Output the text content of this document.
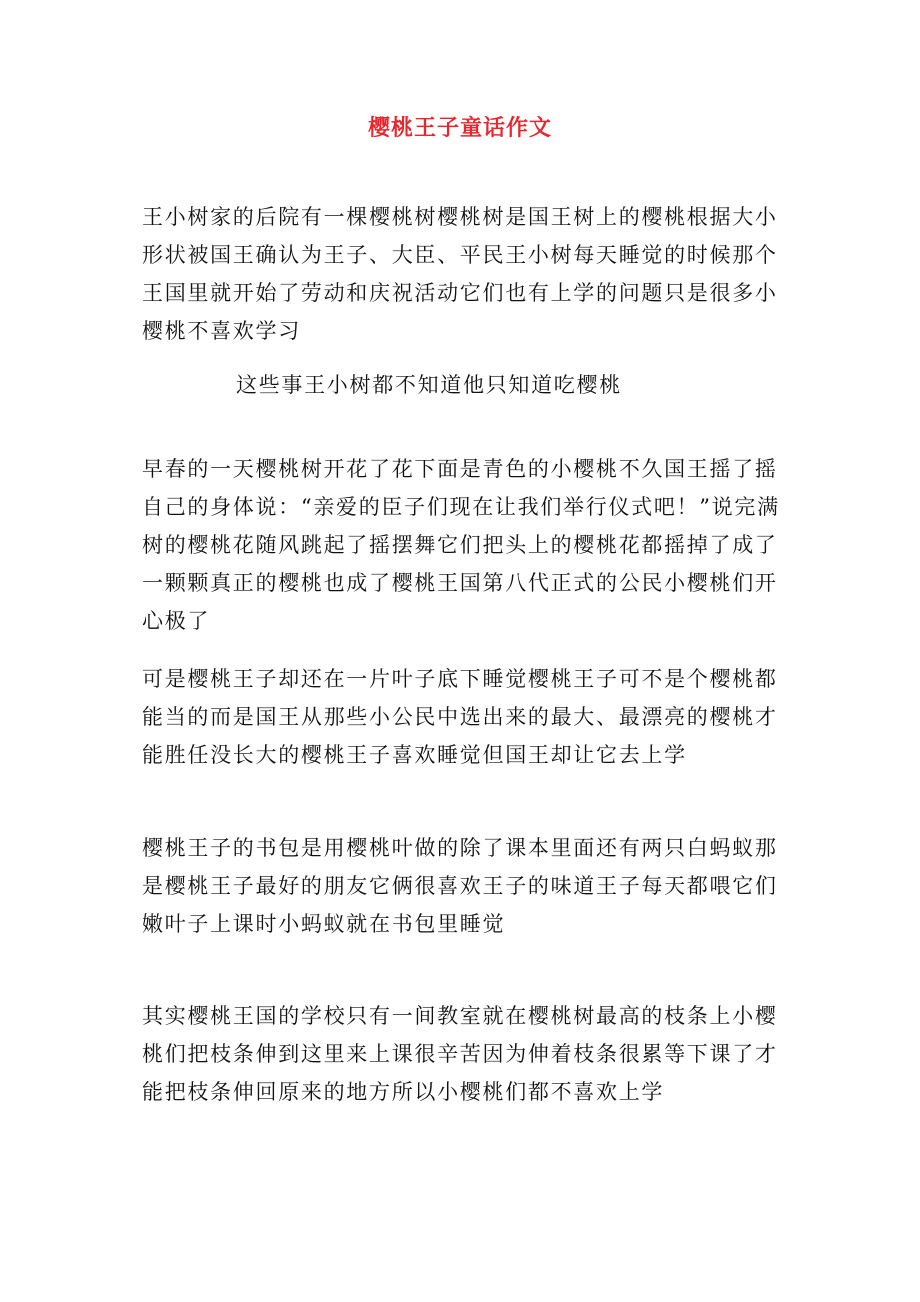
樱桃王子童话作文
王小树家的后院有一棵樱桃树樱桃树是国王树上的樱桃根据大小形状被国王确认为王子、大臣、平民王小树每天睡觉的时候那个王国里就开始了劳动和庆祝活动它们也有上学的问题只是很多小樱桃不喜欢学习
这些事王小树都不知道他只知道吃樱桃
早春的一天樱桃树开花了花下面是青色的小樱桃不久国王摇了摇自己的身体说：“亲爱的臣子们现在让我们举行仪式吧！”说完满树的樱桃花随风跳起了摇摆舞它们把头上的樱桃花都摇掉了成了一颗颗真正的樱桃也成了樱桃王国第八代正式的公民小樱桃们开心极了
可是樱桃王子却还在一片叶子底下睡觉樱桃王子可不是个樱桃都能当的而是国王从那些小公民中选出来的最大、最漂亮的樱桃才能胜任没长大的樱桃王子喜欢睡觉但国王却让它去上学
樱桃王子的书包是用樱桃叶做的除了课本里面还有两只白蚂蚁那是樱桃王子最好的朋友它俩很喜欢王子的味道王子每天都喂它们嫩叶子上课时小蚂蚁就在书包里睡觉
其实樱桃王国的学校只有一间教室就在樱桃树最高的枝条上小樱桃们把枝条伸到这里来上课很辛苦因为伸着枝条很累等下课了才能把枝条伸回原来的地方所以小樱桃们都不喜欢上学
